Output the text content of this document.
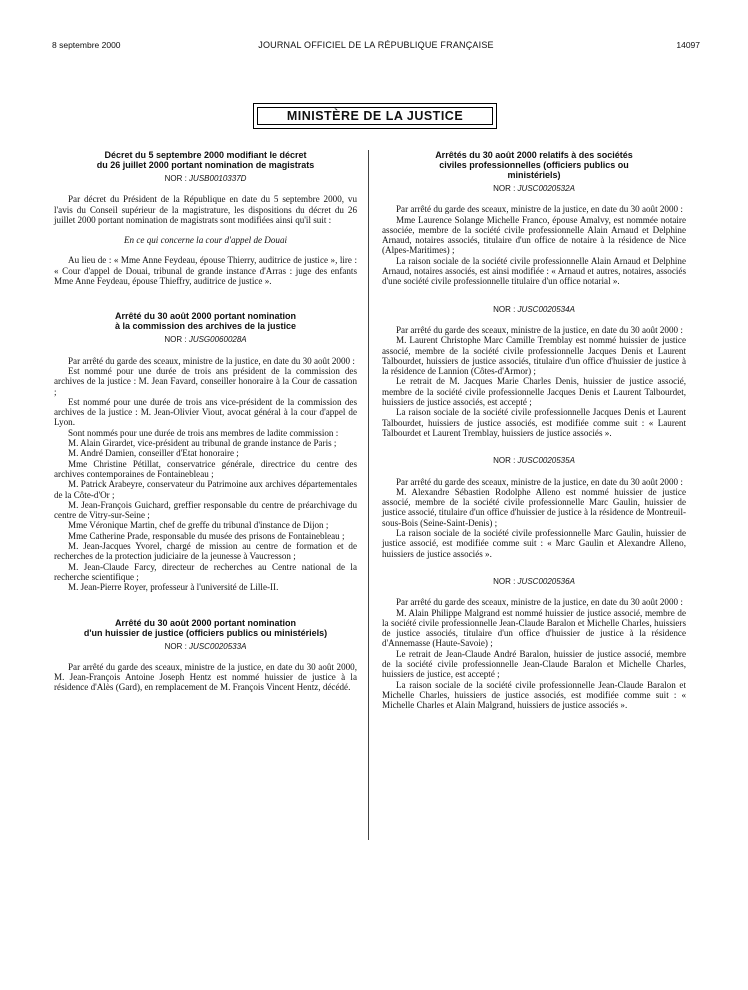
8 septembre 2000	JOURNAL OFFICIEL DE LA RÉPUBLIQUE FRANÇAISE	14097
MINISTÈRE DE LA JUSTICE
Décret du 5 septembre 2000 modifiant le décret
du 26 juillet 2000 portant nomination de magistrats
NOR : JUSB0010337D

Par décret du Président de la République en date du 5 septembre 2000, vu l'avis du Conseil supérieur de la magistrature, les dispositions du décret du 26 juillet 2000 portant nomination de magistrats sont modifiées ainsi qu'il suit :

En ce qui concerne la cour d'appel de Douai

Au lieu de : « Mme Anne Feydeau, épouse Thierry, auditrice de justice », lire : « Cour d'appel de Douai, tribunal de grande instance d'Arras : juge des enfants Mme Anne Feydeau, épouse Thieffry, auditrice de justice ».

Arrêté du 30 août 2000 portant nomination
à la commission des archives de la justice
NOR : JUSG0060028A

Par arrêté du garde des sceaux, ministre de la justice, en date du 30 août 2000 :

Est nommé pour une durée de trois ans président de la commission des archives de la justice : M. Jean Favard, conseiller honoraire à la Cour de cassation ;

Est nommé pour une durée de trois ans vice-président de la commission des archives de la justice : M. Jean-Olivier Viout, avocat général à la cour d'appel de Lyon.

Sont nommés pour une durée de trois ans membres de ladite commission :

M. Alain Girardet, vice-président au tribunal de grande instance de Paris ;

M. André Damien, conseiller d'Etat honoraire ;

Mme Christine Pétillat, conservatrice générale, directrice du centre des archives contemporaines de Fontainebleau ;

M. Patrick Arabeyre, conservateur du Patrimoine aux archives départementales de la Côte-d'Or ;

M. Jean-François Guichard, greffier responsable du centre de préarchivage du centre de Vitry-sur-Seine ;

Mme Véronique Martin, chef de greffe du tribunal d'instance de Dijon ;

Mme Catherine Prade, responsable du musée des prisons de Fontainebleau ;

M. Jean-Jacques Yvorel, chargé de mission au centre de formation et de recherches de la protection judiciaire de la jeunesse à Vaucresson ;

M. Jean-Claude Farcy, directeur de recherches au Centre national de la recherche scientifique ;

M. Jean-Pierre Royer, professeur à l'université de Lille-II.

Arrêté du 30 août 2000 portant nomination
d'un huissier de justice (officiers publics ou ministériels)
NOR : JUSC0020533A

Par arrêté du garde des sceaux, ministre de la justice, en date du 30 août 2000, M. Jean-François Antoine Joseph Hentz est nommé huissier de justice à la résidence d'Alès (Gard), en remplacement de M. François Vincent Hentz, décédé.

Arrêtés du 30 août 2000 relatifs à des sociétés
civiles professionnelles (officiers publics ou
ministériels)
NOR : JUSC0020532A

Par arrêté du garde des sceaux, ministre de la justice, en date du 30 août 2000 :

Mme Laurence Solange Michelle Franco, épouse Amalvy, est nommée notaire associée, membre de la société civile professionnelle Alain Arnaud et Delphine Arnaud, notaires associés, titulaire d'un office de notaire à la résidence de Nice (Alpes-Maritimes) ;

La raison sociale de la société civile professionnelle Alain Arnaud et Delphine Arnaud, notaires associés, est ainsi modifiée : « Arnaud et autres, notaires, associés d'une société civile professionnelle titulaire d'un office notarial ».

NOR : JUSC0020534A

Par arrêté du garde des sceaux, ministre de la justice, en date du 30 août 2000 :

M. Laurent Christophe Marc Camille Tremblay est nommé huissier de justice associé, membre de la société civile professionnelle Jacques Denis et Laurent Talbourdet, huissiers de justice associés, titulaire d'un office d'huissier de justice à la résidence de Lannion (Côtes-d'Armor) ;

Le retrait de M. Jacques Marie Charles Denis, huissier de justice associé, membre de la société civile professionnelle Jacques Denis et Laurent Talbourdet, huissiers de justice associés, est accepté ;

La raison sociale de la société civile professionnelle Jacques Denis et Laurent Talbourdet, huissiers de justice associés, est modifiée comme suit : « Laurent Talbourdet et Laurent Tremblay, huissiers de justice associés ».

NOR : JUSC0020535A

Par arrêté du garde des sceaux, ministre de la justice, en date du 30 août 2000 :

M. Alexandre Sébastien Rodolphe Alleno est nommé huissier de justice associé, membre de la société civile professionnelle Marc Gaulin, huissier de justice associé, titulaire d'un office d'huissier de justice à la résidence de Montreuil-sous-Bois (Seine-Saint-Denis) ;

La raison sociale de la société civile professionnelle Marc Gaulin, huissier de justice associé, est modifiée comme suit : « Marc Gaulin et Alexandre Alleno, huissiers de justice associés ».

NOR : JUSC0020536A

Par arrêté du garde des sceaux, ministre de la justice, en date du 30 août 2000 :

M. Alain Philippe Malgrand est nommé huissier de justice associé, membre de la société civile professionnelle Jean-Claude Baralon et Michelle Charles, huissiers de justice associés, titulaire d'un office d'huissier de justice à la résidence d'Annemasse (Haute-Savoie) ;

Le retrait de Jean-Claude André Baralon, huissier de justice associé, membre de la société civile professionnelle Jean-Claude Baralon et Michelle Charles, huissiers de justice, est accepté ;

La raison sociale de la société civile professionnelle Jean-Claude Baralon et Michelle Charles, huissiers de justice associés, est modifiée comme suit : « Michelle Charles et Alain Malgrand, huissiers de justice associés ».
